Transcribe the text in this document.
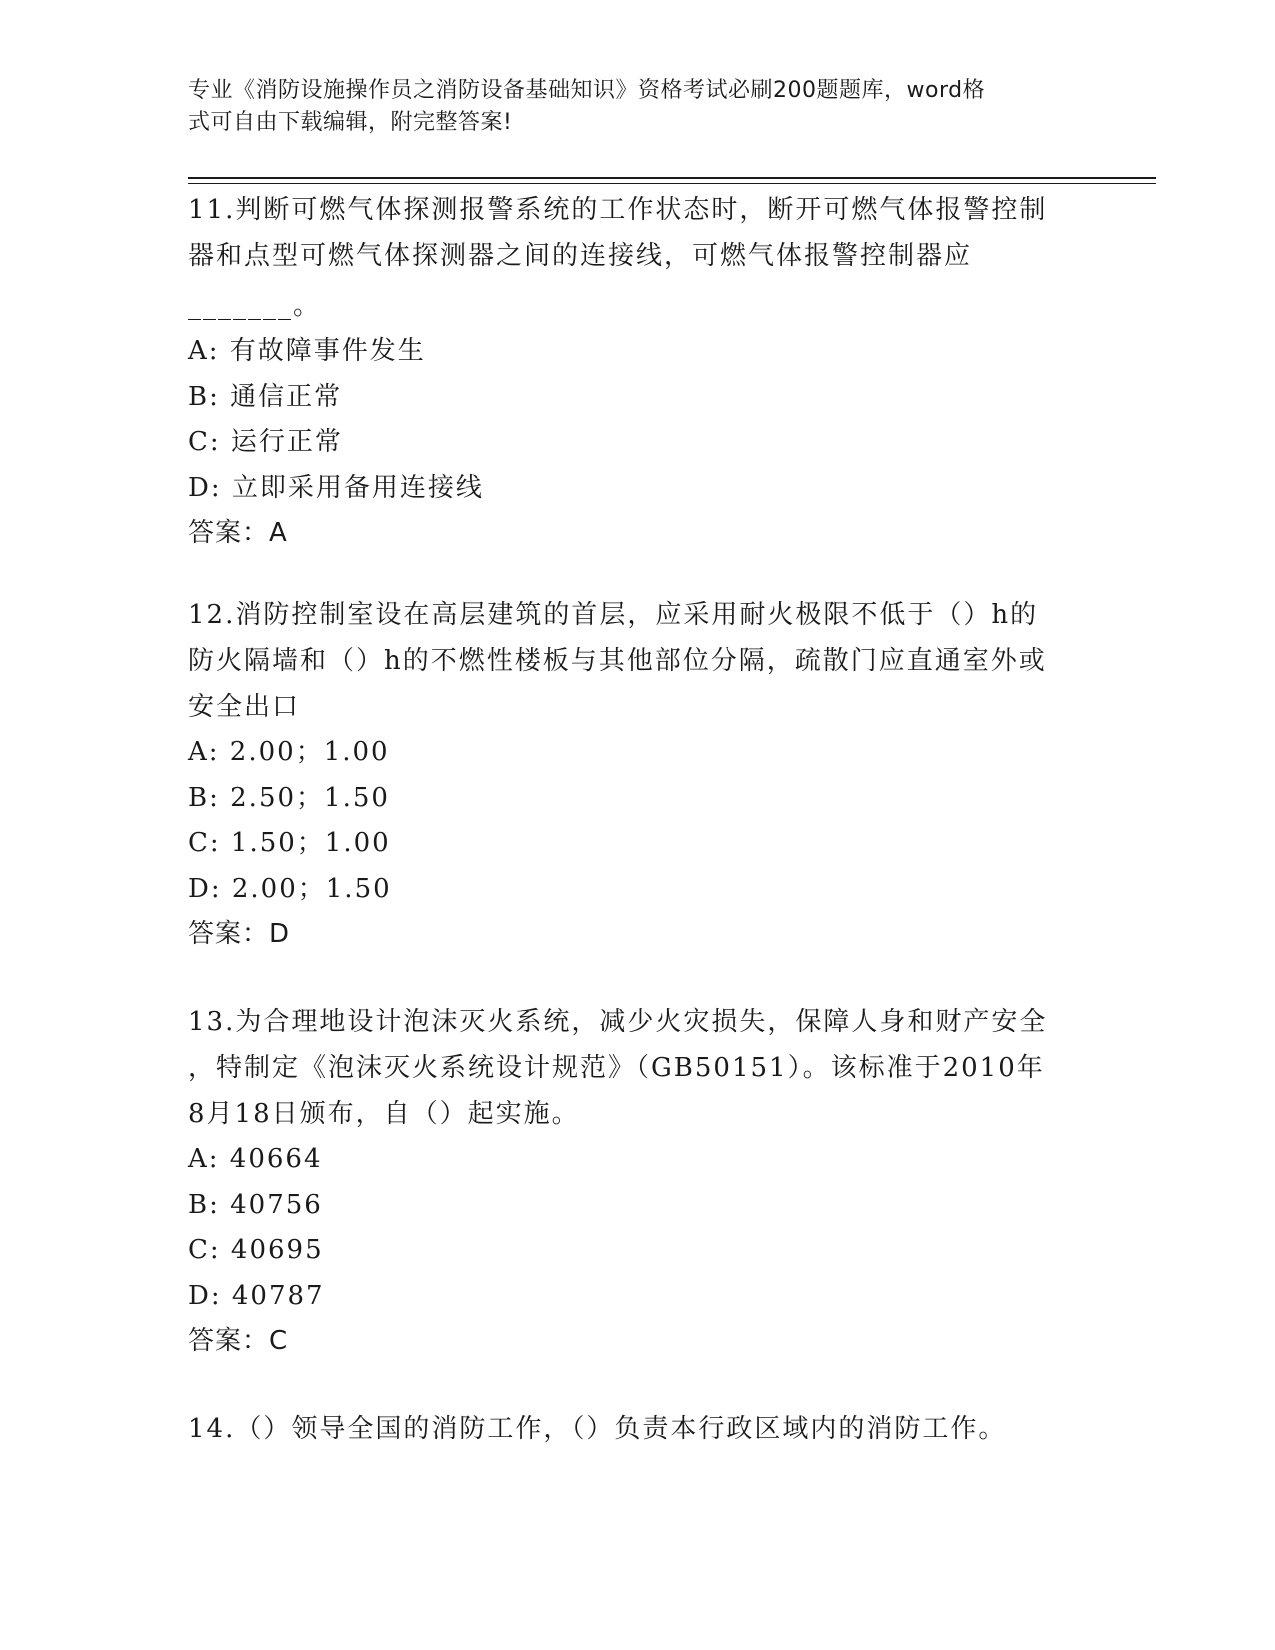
专业《消防设施操作员之消防设备基础知识》资格考试必刷200题题库，word格
式可自由下载编辑，附完整答案!
11.判断可燃气体探测报警系统的工作状态时，断开可燃气体报警控制
器和点型可燃气体探测器之间的连接线，可燃气体报警控制器应
_______。
A: 有故障事件发生
B: 通信正常
C: 运行正常
D: 立即采用备用连接线
答案：A
12.消防控制室设在高层建筑的首层，应采用耐火极限不低于（）h的
防火隔墙和（）h的不燃性楼板与其他部位分隔，疏散门应直通室外或
安全出口
A: 2.00；1.00
B: 2.50；1.50
C: 1.50；1.00
D: 2.00；1.50
答案：D
13.为合理地设计泡沫灭火系统，减少火灾损失，保障人身和财产安全
，特制定《泡沫灭火系统设计规范》（GB50151）。该标准于2010年
8月18日颁布，自（）起实施。
A: 40664
B: 40756
C: 40695
D: 40787
答案：C
14.（）领导全国的消防工作，（）负责本行政区域内的消防工作。
